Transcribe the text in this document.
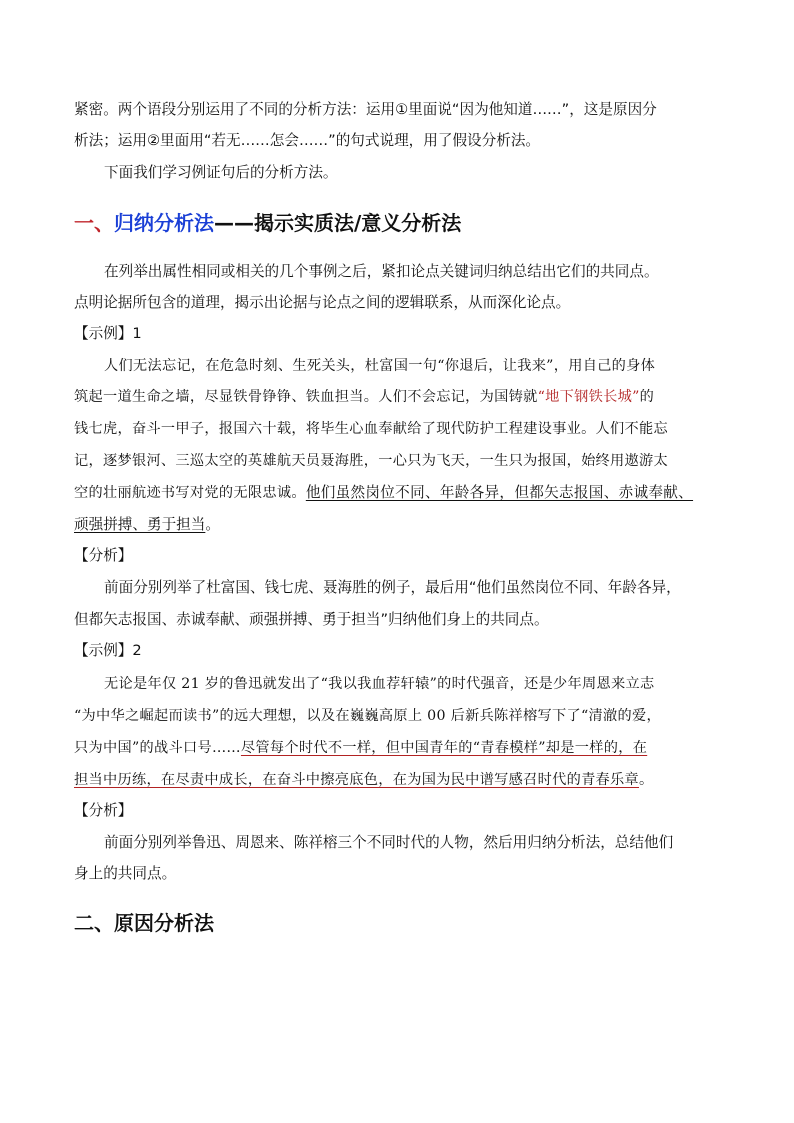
紧密。两个语段分别运用了不同的分析方法：运用①里面说“因为他知道……”，这是原因分
析法；运用②里面用“若无……怎会……”的句式说理，用了假设分析法。
下面我们学习例证句后的分析方法。
一、归纳分析法——揭示实质法/意义分析法
在列举出属性相同或相关的几个事例之后，紧扣论点关键词归纳总结出它们的共同点。
点明论据所包含的道理，揭示出论据与论点之间的逻辑联系，从而深化论点。
【示例】1
人们无法忘记，在危急时刻、生死关头，杜富国一句“你退后，让我来”，用自己的身体
筑起一道生命之墙，尽显铁骨铮铮、铁血担当。人们不会忘记，为国铸就“地下钢铁长城”的
钱七虎，奋斗一甲子，报国六十载，将毕生心血奉献给了现代防护工程建设事业。人们不能忘
记，逐梦银河、三巡太空的英雄航天员聂海胜，一心只为飞天，一生只为报国，始终用遨游太
空的壮丽航迹书写对党的无限忠诚。他们虽然岗位不同、年龄各异，但都矢志报国、赤诚奉献、
顽强拼搏、勇于担当。
【分析】
前面分别列举了杜富国、钱七虎、聂海胜的例子，最后用“他们虽然岗位不同、年龄各异，
但都矢志报国、赤诚奉献、顽强拼搏、勇于担当”归纳他们身上的共同点。
【示例】2
无论是年仅 21 岁的鲁迅就发出了“我以我血荐轩辕”的时代强音，还是少年周恩来立志
“为中华之崛起而读书”的远大理想，以及在巍巍高原上 00 后新兵陈祥榕写下了“清澈的爱，
只为中国”的战斗口号……尽管每个时代不一样，但中国青年的“青春模样”却是一样的，在
担当中历练，在尽责中成长，在奋斗中擦亮底色，在为国为民中谱写感召时代的青春乐章。
【分析】
前面分别列举鲁迅、周恩来、陈祥榕三个不同时代的人物，然后用归纳分析法，总结他们
身上的共同点。
二、原因分析法
